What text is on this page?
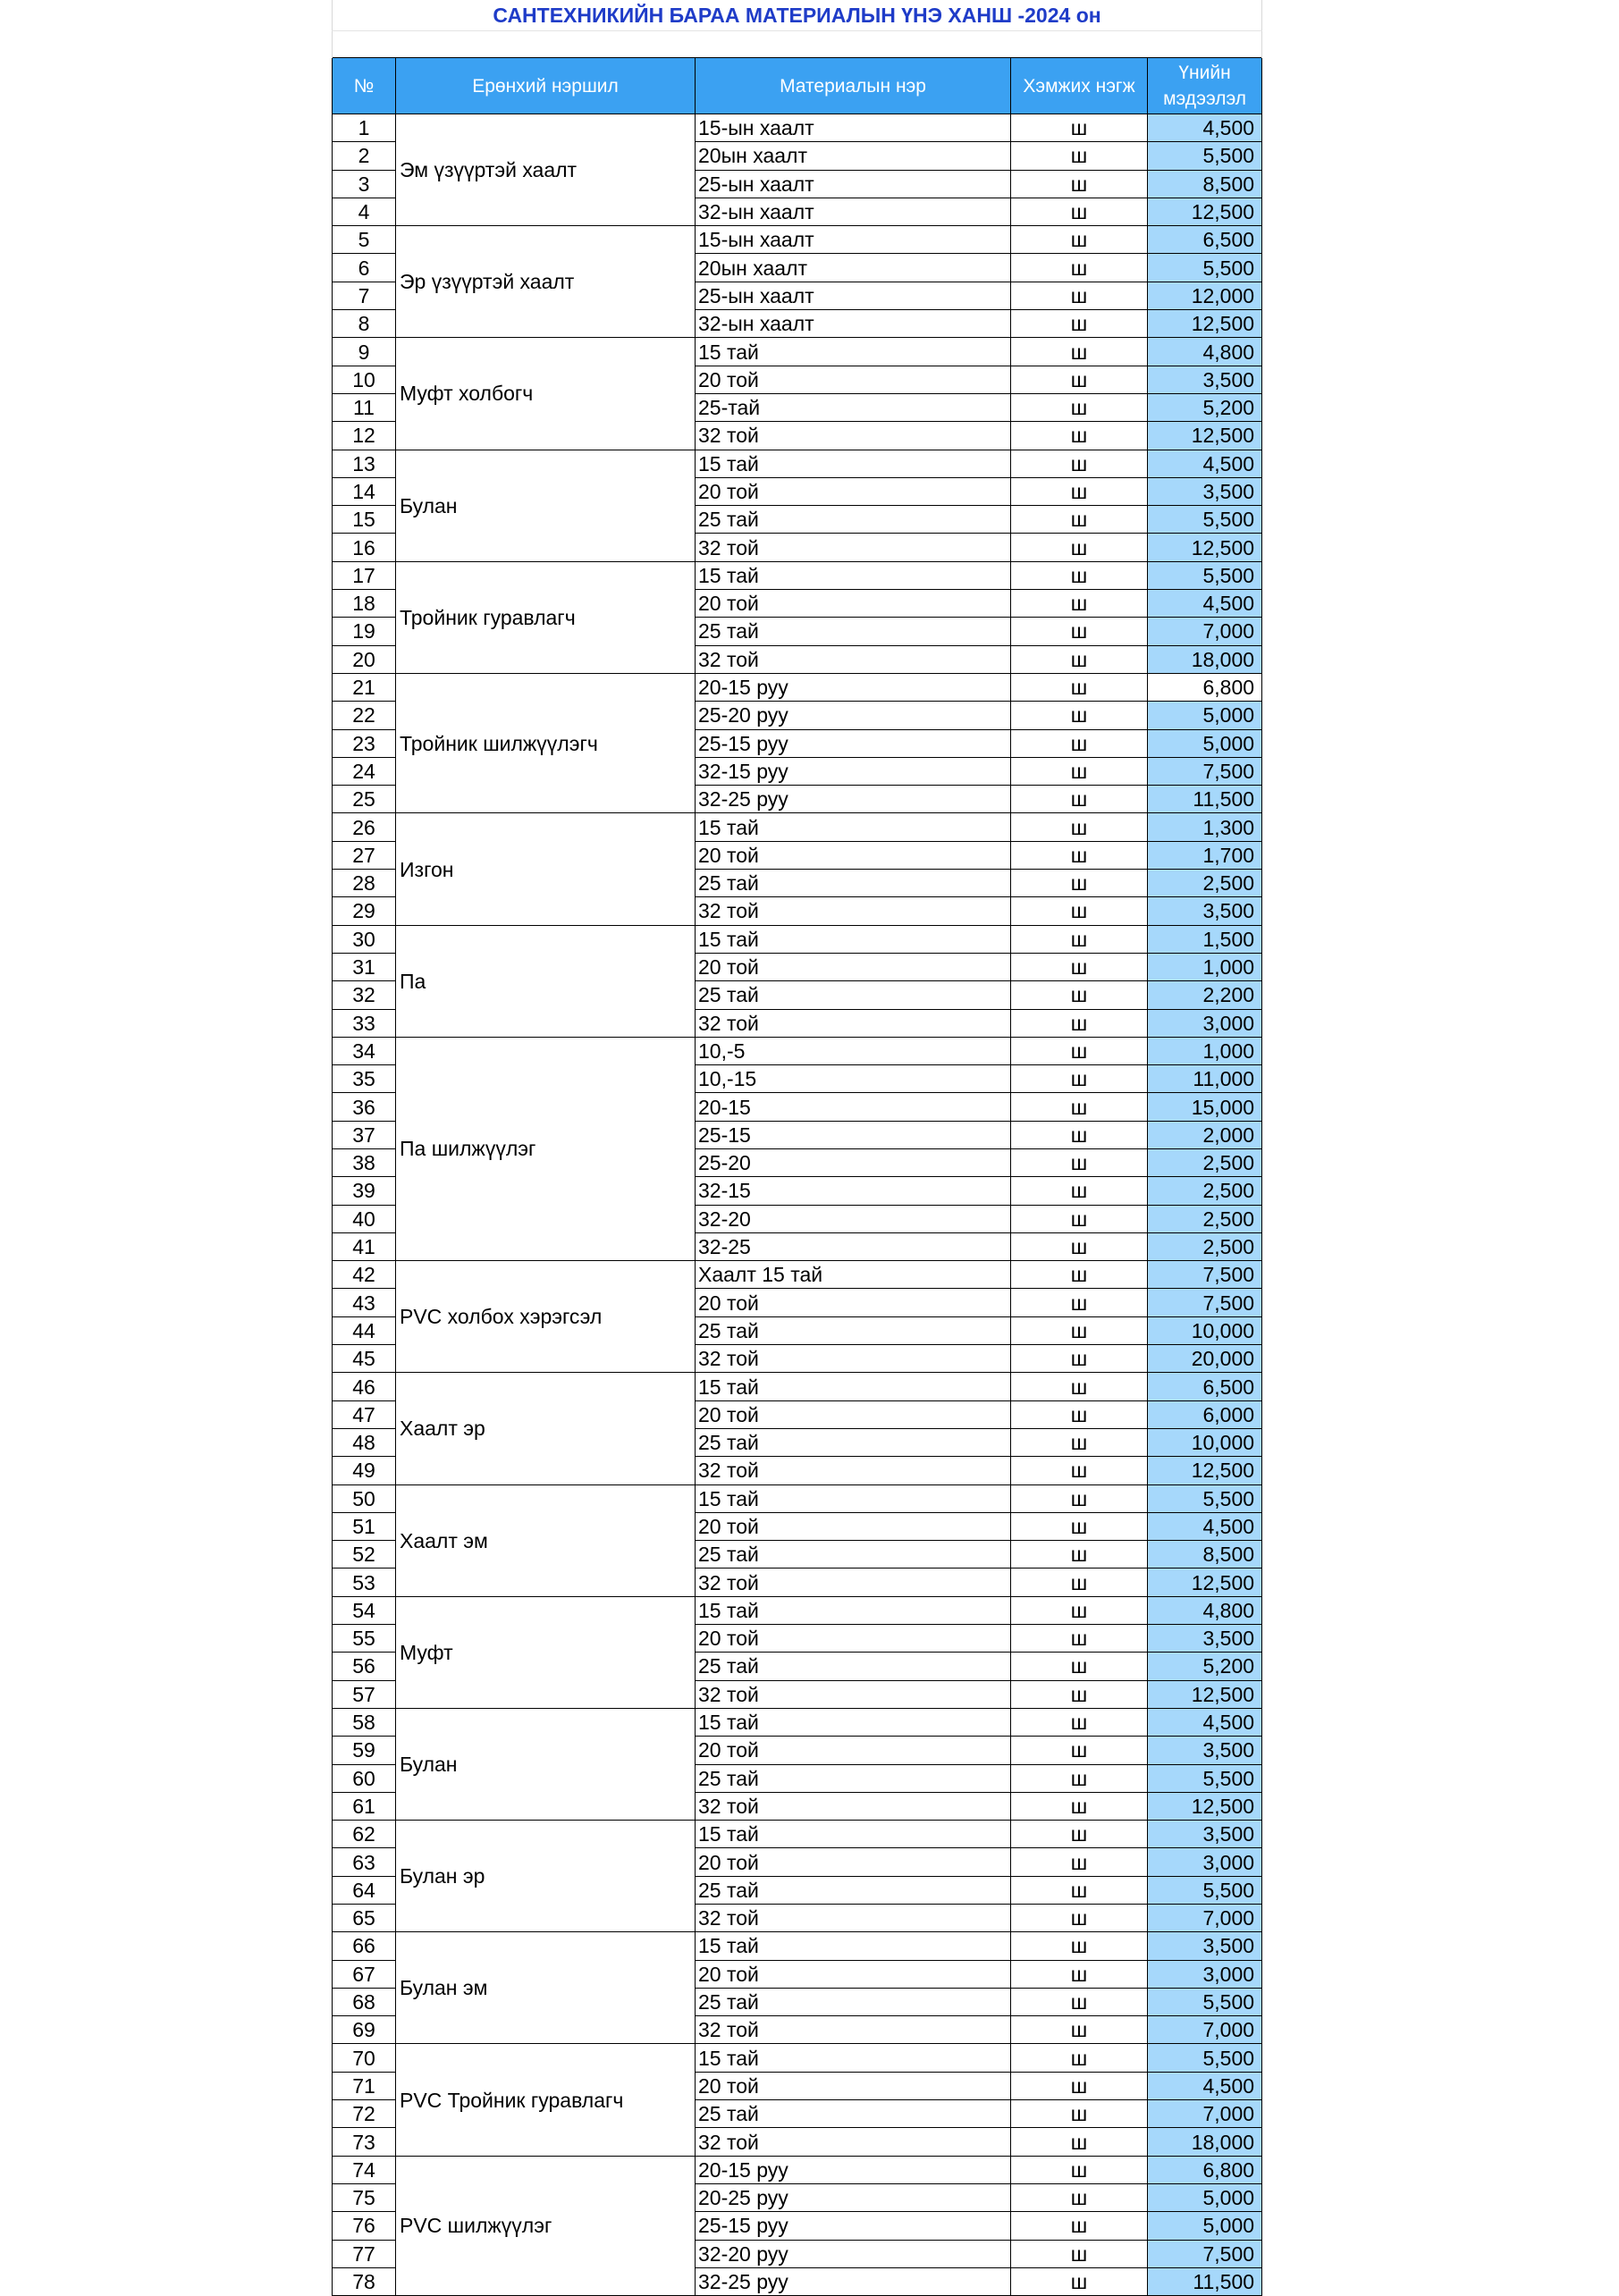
САНТЕХНИКИЙН БАРАА МАТЕРИАЛЫН ҮНЭ ХАНШ -2024 он				

№	Ерөнхий нэршил	Материалын нэр	Хэмжих нэгж	Үнийн мэдээлэл
1	Эм үзүүртэй хаалт	15-ын хаалт	ш	4,500
2		20ын хаалт	ш	5,500
3		25-ын хаалт	ш	8,500
4		32-ын хаалт	ш	12,500
5	Эр үзүүртэй хаалт	15-ын хаалт	ш	6,500
6		20ын хаалт	ш	5,500
7		25-ын хаалт	ш	12,000
8		32-ын хаалт	ш	12,500
9	Муфт холбогч	15 тай	ш	4,800
10		20 той	ш	3,500
11		25-тай	ш	5,200
12		32 той	ш	12,500
13	Булан	15 тай	ш	4,500
14		20 той	ш	3,500
15		25 тай	ш	5,500
16		32 той	ш	12,500
17	Тройник гуравлагч	15 тай	ш	5,500
18		20 той	ш	4,500
19		25 тай	ш	7,000
20		32 той	ш	18,000
21	Тройник шилжүүлэгч	20-15 руу	ш	6,800
22		25-20 руу	ш	5,000
23		25-15 руу	ш	5,000
24		32-15 руу	ш	7,500
25		32-25 руу	ш	11,500
26	Изгон	15 тай	ш	1,300
27		20 той	ш	1,700
28		25 тай	ш	2,500
29		32 той	ш	3,500
30	Па	15 тай	ш	1,500
31		20 той	ш	1,000
32		25 тай	ш	2,200
33		32 той	ш	3,000
34	Па шилжүүлэг	10,-5	ш	1,000
35		10,-15	ш	11,000
36		20-15	ш	15,000
37		25-15	ш	2,000
38		25-20	ш	2,500
39		32-15	ш	2,500
40		32-20	ш	2,500
41		32-25	ш	2,500
42	PVC холбох хэрэгсэл	Хаалт 15 тай	ш	7,500
43		20 той	ш	7,500
44		25 тай	ш	10,000
45		32 той	ш	20,000
46	Хаалт эр	15 тай	ш	6,500
47		20 той	ш	6,000
48		25 тай	ш	10,000
49		32 той	ш	12,500
50	Хаалт эм	15 тай	ш	5,500
51		20 той	ш	4,500
52		25 тай	ш	8,500
53		32 той	ш	12,500
54	Муфт	15 тай	ш	4,800
55		20 той	ш	3,500
56		25 тай	ш	5,200
57		32 той	ш	12,500
58	Булан	15 тай	ш	4,500
59		20 той	ш	3,500
60		25 тай	ш	5,500
61		32 той	ш	12,500
62	Булан эр	15 тай	ш	3,500
63		20 той	ш	3,000
64		25 тай	ш	5,500
65		32 той	ш	7,000
66	Булан эм	15 тай	ш	3,500
67		20 той	ш	3,000
68		25 тай	ш	5,500
69		32 той	ш	7,000
70	PVC Тройник гуравлагч	15 тай	ш	5,500
71		20 той	ш	4,500
72		25 тай	ш	7,000
73		32 той	ш	18,000
74	PVC шилжүүлэг	20-15 руу	ш	6,800
75		20-25 руу	ш	5,000
76		25-15 руу	ш	5,000
77		32-20 руу	ш	7,500
78		32-25 руу	ш	11,500
